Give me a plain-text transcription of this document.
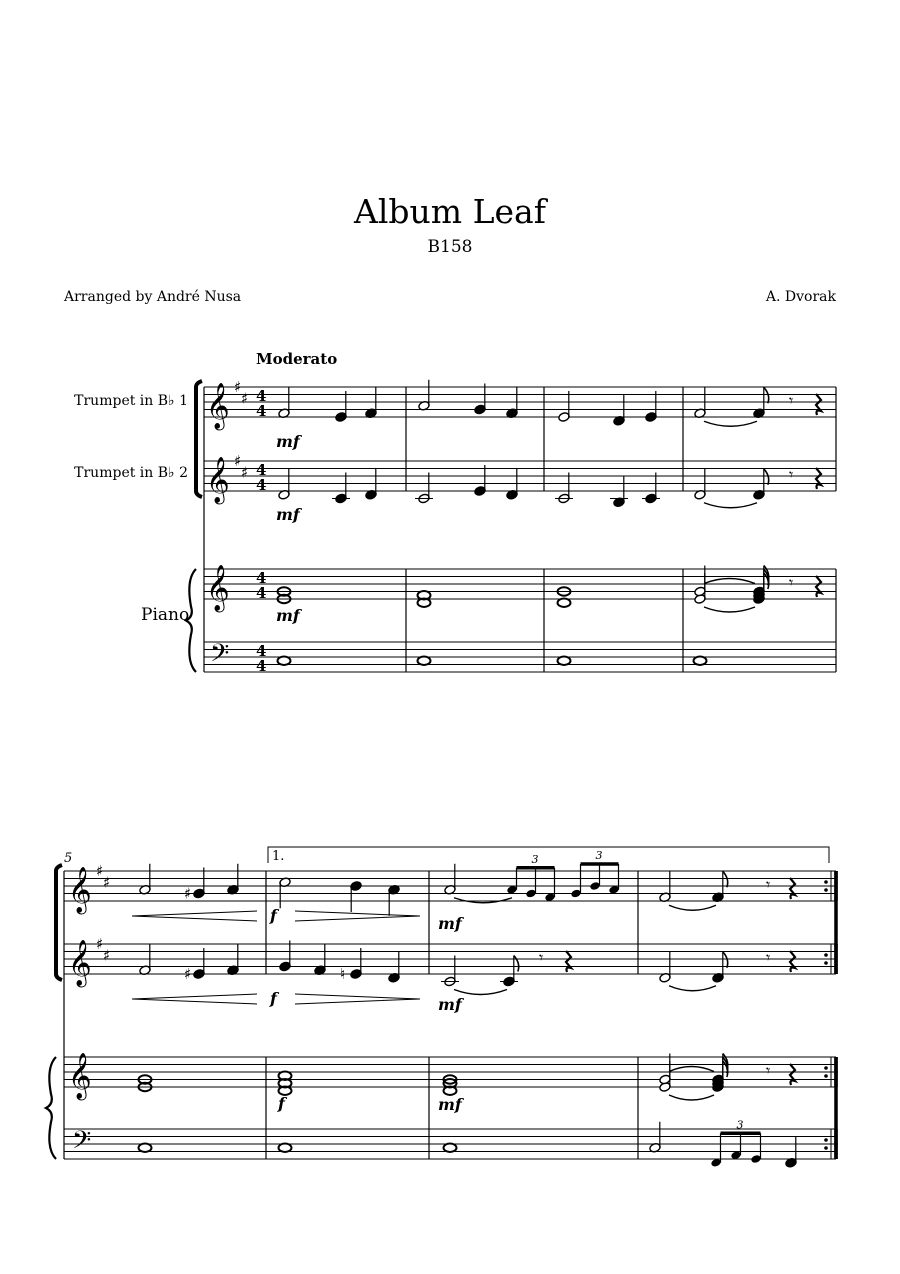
Album Leaf
B158
Arranged by André Nusa	A. Dvorak
Moderato
Trumpet in B♭ 1
Trumpet in B♭ 2
Piano
𝄞 ♯
♯ 4
4
𝄞 ♯
♯ 4
4
𝄞 4
4
𝄢 4
4
𝄾
mf
𝄾
mf
𝄾
mf
5	1.
𝄞 ♯
♯
𝄞 ♯
♯
𝄞
𝄢
♯
3	3
𝄾
f	mf
♯	♮
𝄾	𝄾
f	mf
𝄾
f	mf
3
